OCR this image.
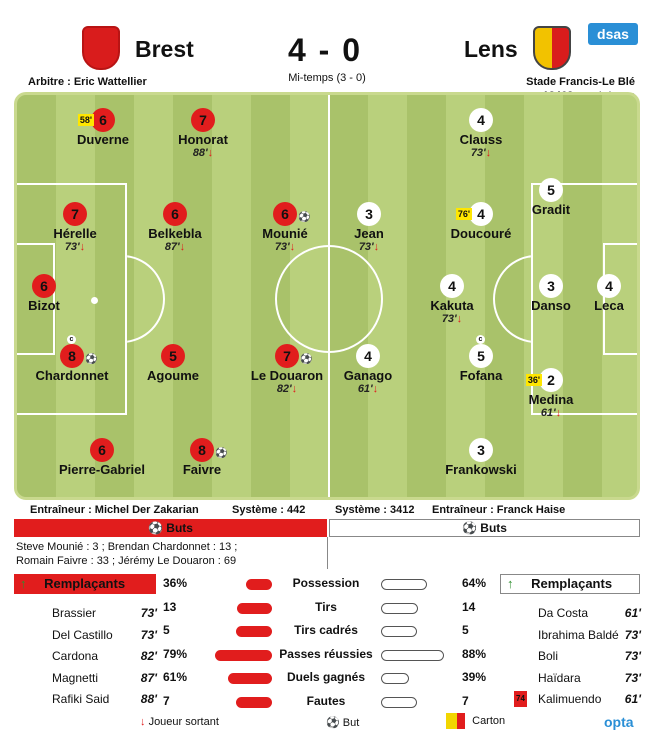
Brest	4 - 0
Mi-temps (3 - 0)
Lens
dsas
Arbitre : Eric Wattellier	Stade Francis-Le Blé
58' 6
Duverne
7
Honorat
88'↓
7
Hérelle
73'↓
6
Belkebla
87'↓
6 ⚽
Mounié
73'↓
6
Bizot
c
8 ⚽
Chardonnet
5
Agoume
7 ⚽
Le Douaron
82'↓
6
Pierre-Gabriel
8 ⚽
Faivre
4
Clauss
73'↓
5
Gradit
3
Jean
73'↓
76' 4
Doucouré
4
Kakuta
73'↓
3
Danso
4
Leca
4
Ganago
61'↓
c
5
Fofana	36' 2
Medina
61'↓
3
Frankowski
Entraîneur : Michel Der Zakarian	Système : 442	Système : 3412 Entraîneur : Franck Haise
⚽ Buts	⚽ Buts
Steve Mounié : 3 ; Brendan Chardonnet : 13 ;
Romain Faivre : 33 ; Jérémy Le Douaron : 69
↑ Remplaçants	↑ Remplaçants
Brassier	73'
Del Castillo 73'
Cardona	82'
Magnetti	87'
Rafiki Said	88'
Da Costa	61'
Ibrahima Baldé 73'
Boli	73'
Haïdara	73'
74 Kalimuendo 61'
36%	Possession	64%
13	Tirs	14
5	Tirs cadrés	5
79%	Passes réussies	88%
61%	Duels gagnés	39%
7	Fautes	7
↓ Joueur sortant	⚽ But	Carton	opta
